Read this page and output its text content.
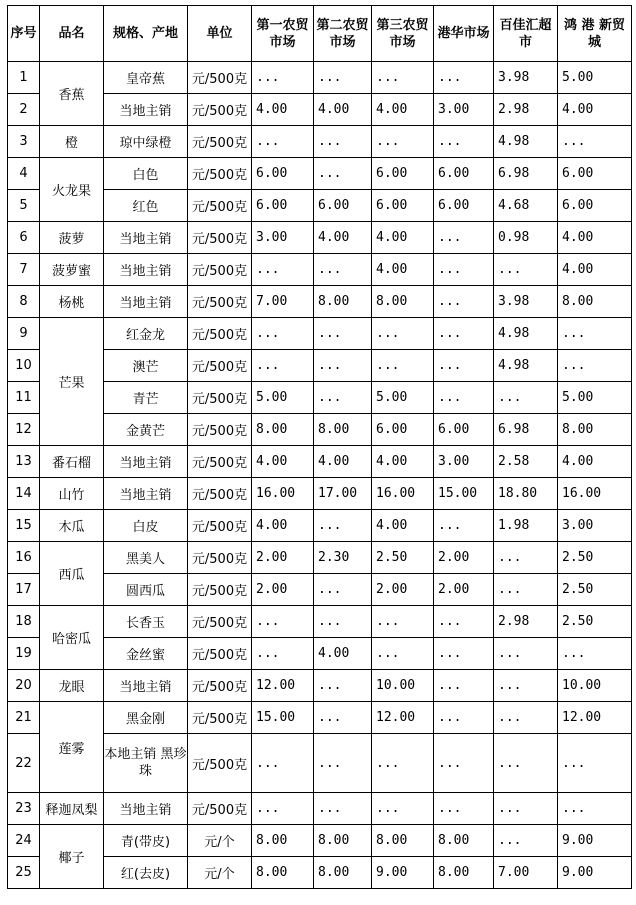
序号	品名	规格、产地	单位	第一农贸市场	第二农贸市场	第三农贸市场	港华市场	百佳汇超市	鸿 港 新贸城
1	香蕉	皇帝蕉	元/500克	...	...	...	...	3.98	5.00
2		当地主销	元/500克	4.00	4.00	4.00	3.00	2.98	4.00
3	橙	琼中绿橙	元/500克	...	...	...	...	4.98	...
4	火龙果	白色	元/500克	6.00	...	6.00	6.00	6.98	6.00
5		红色	元/500克	6.00	6.00	6.00	6.00	4.68	6.00
6	菠萝	当地主销	元/500克	3.00	4.00	4.00	...	0.98	4.00
7	菠萝蜜	当地主销	元/500克	...	...	4.00	...	...	4.00
8	杨桃	当地主销	元/500克	7.00	8.00	8.00	...	3.98	8.00
9	芒果	红金龙	元/500克	...	...	...	...	4.98	...
10		澳芒	元/500克	...	...	...	...	4.98	...
11		青芒	元/500克	5.00	...	5.00	...	...	5.00
12		金黄芒	元/500克	8.00	8.00	6.00	6.00	6.98	8.00
13	番石榴	当地主销	元/500克	4.00	4.00	4.00	3.00	2.58	4.00
14	山竹	当地主销	元/500克	16.00	17.00	16.00	15.00	18.80	16.00
15	木瓜	白皮	元/500克	4.00	...	4.00	...	1.98	3.00
16	西瓜	黑美人	元/500克	2.00	2.30	2.50	2.00	...	2.50
17		圆西瓜	元/500克	2.00	...	2.00	2.00	...	2.50
18	哈密瓜	长香玉	元/500克	...	...	...	...	2.98	2.50
19		金丝蜜	元/500克	...	4.00	...	...	...	...
20	龙眼	当地主销	元/500克	12.00	...	10.00	...	...	10.00
21	莲雾	黑金刚	元/500克	15.00	...	12.00	...	...	12.00
22		本地主销 黑珍珠	元/500克	...	...	...	...	...	...
23	释迦凤梨	当地主销	元/500克	...	...	...	...	...	...
24	椰子	青(带皮)	元/个	8.00	8.00	8.00	8.00	...	9.00
25		红(去皮)	元/个	8.00	8.00	9.00	8.00	7.00	9.00
